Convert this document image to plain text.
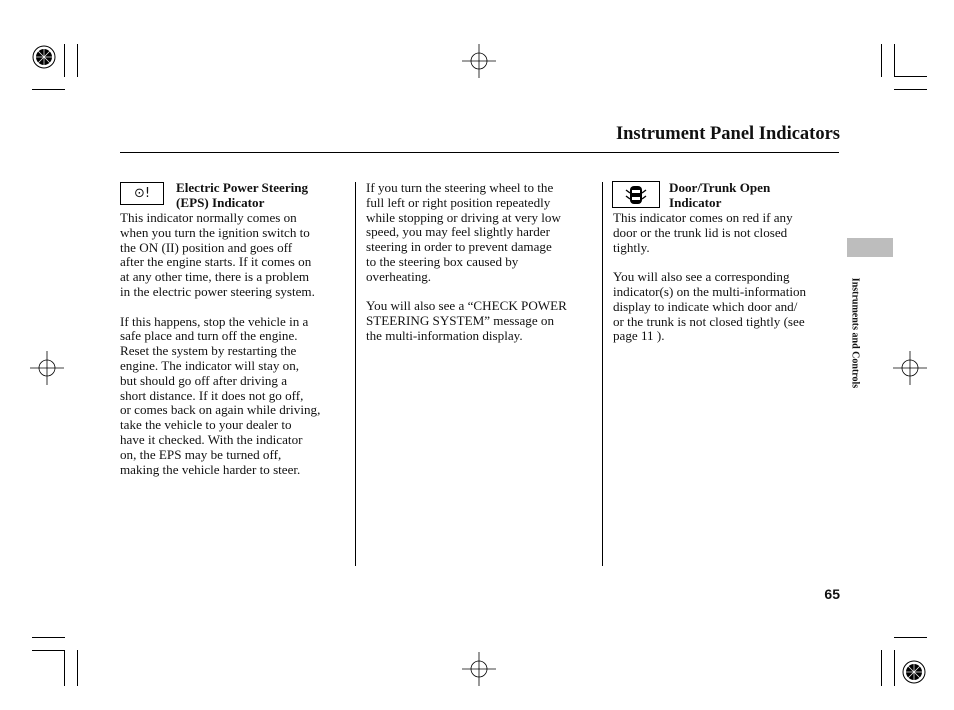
Instrument Panel Indicators
⊙! Electric Power Steering
(EPS) Indicator

This indicator normally comes on
when you turn the ignition switch to
the ON (II) position and goes off
after the engine starts. If it comes on
at any other time, there is a problem
in the electric power steering system.

If this happens, stop the vehicle in a
safe place and turn off the engine.
Reset the system by restarting the
engine. The indicator will stay on,
but should go off after driving a
short distance. If it does not go off,
or comes back on again while driving,
take the vehicle to your dealer to
have it checked. With the indicator
on, the EPS may be turned off,
making the vehicle harder to steer.

If you turn the steering wheel to the
full left or right position repeatedly
while stopping or driving at very low
speed, you may feel slightly harder
steering in order to prevent damage
to the steering box caused by
overheating.

You will also see a “CHECK POWER
STEERING SYSTEM” message on
the multi-information display.

Door/Trunk Open
Indicator

This indicator comes on red if any
door or the trunk lid is not closed
tightly.

You will also see a corresponding
indicator(s) on the multi-information
display to indicate which door and/
or the trunk is not closed tightly (see
page 11 ).	Instruments and Controls
65
